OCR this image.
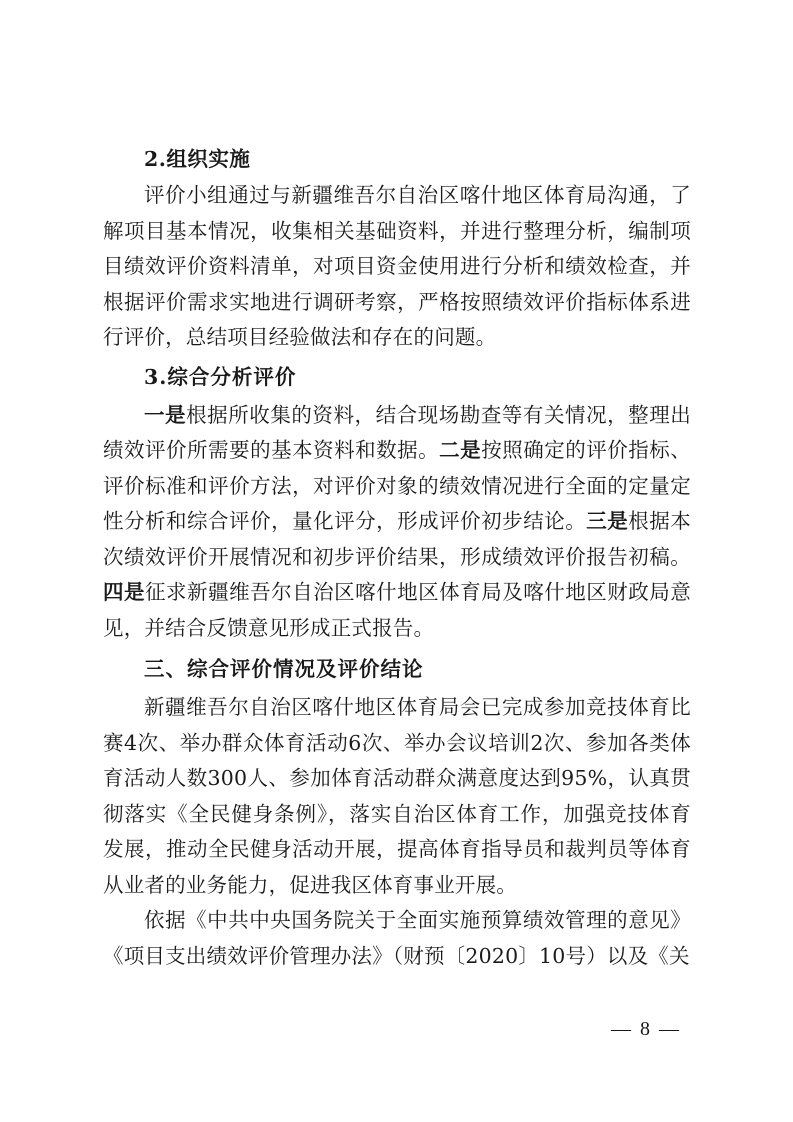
2.组织实施

评价小组通过与新疆维吾尔自治区喀什地区体育局沟通，了解项目基本情况，收集相关基础资料，并进行整理分析，编制项目绩效评价资料清单，对项目资金使用进行分析和绩效检查，并根据评价需求实地进行调研考察，严格按照绩效评价指标体系进行评价，总结项目经验做法和存在的问题。

3.综合分析评价

一是根据所收集的资料，结合现场勘查等有关情况，整理出绩效评价所需要的基本资料和数据。二是按照确定的评价指标、评价标准和评价方法，对评价对象的绩效情况进行全面的定量定性分析和综合评价，量化评分，形成评价初步结论。三是根据本次绩效评价开展情况和初步评价结果，形成绩效评价报告初稿。四是征求新疆维吾尔自治区喀什地区体育局及喀什地区财政局意见，并结合反馈意见形成正式报告。

三、综合评价情况及评价结论

新疆维吾尔自治区喀什地区体育局会已完成参加竞技体育比赛4次、举办群众体育活动6次、举办会议培训2次、参加各类体育活动人数300人、参加体育活动群众满意度达到95%，认真贯彻落实《全民健身条例》，落实自治区体育工作，加强竞技体育发展，推动全民健身活动开展，提高体育指导员和裁判员等体育从业者的业务能力，促进我区体育事业开展。

依据《中共中央国务院关于全面实施预算绩效管理的意见》《项目支出绩效评价管理办法》（财预〔2020〕10号）以及《关

— 8 —
